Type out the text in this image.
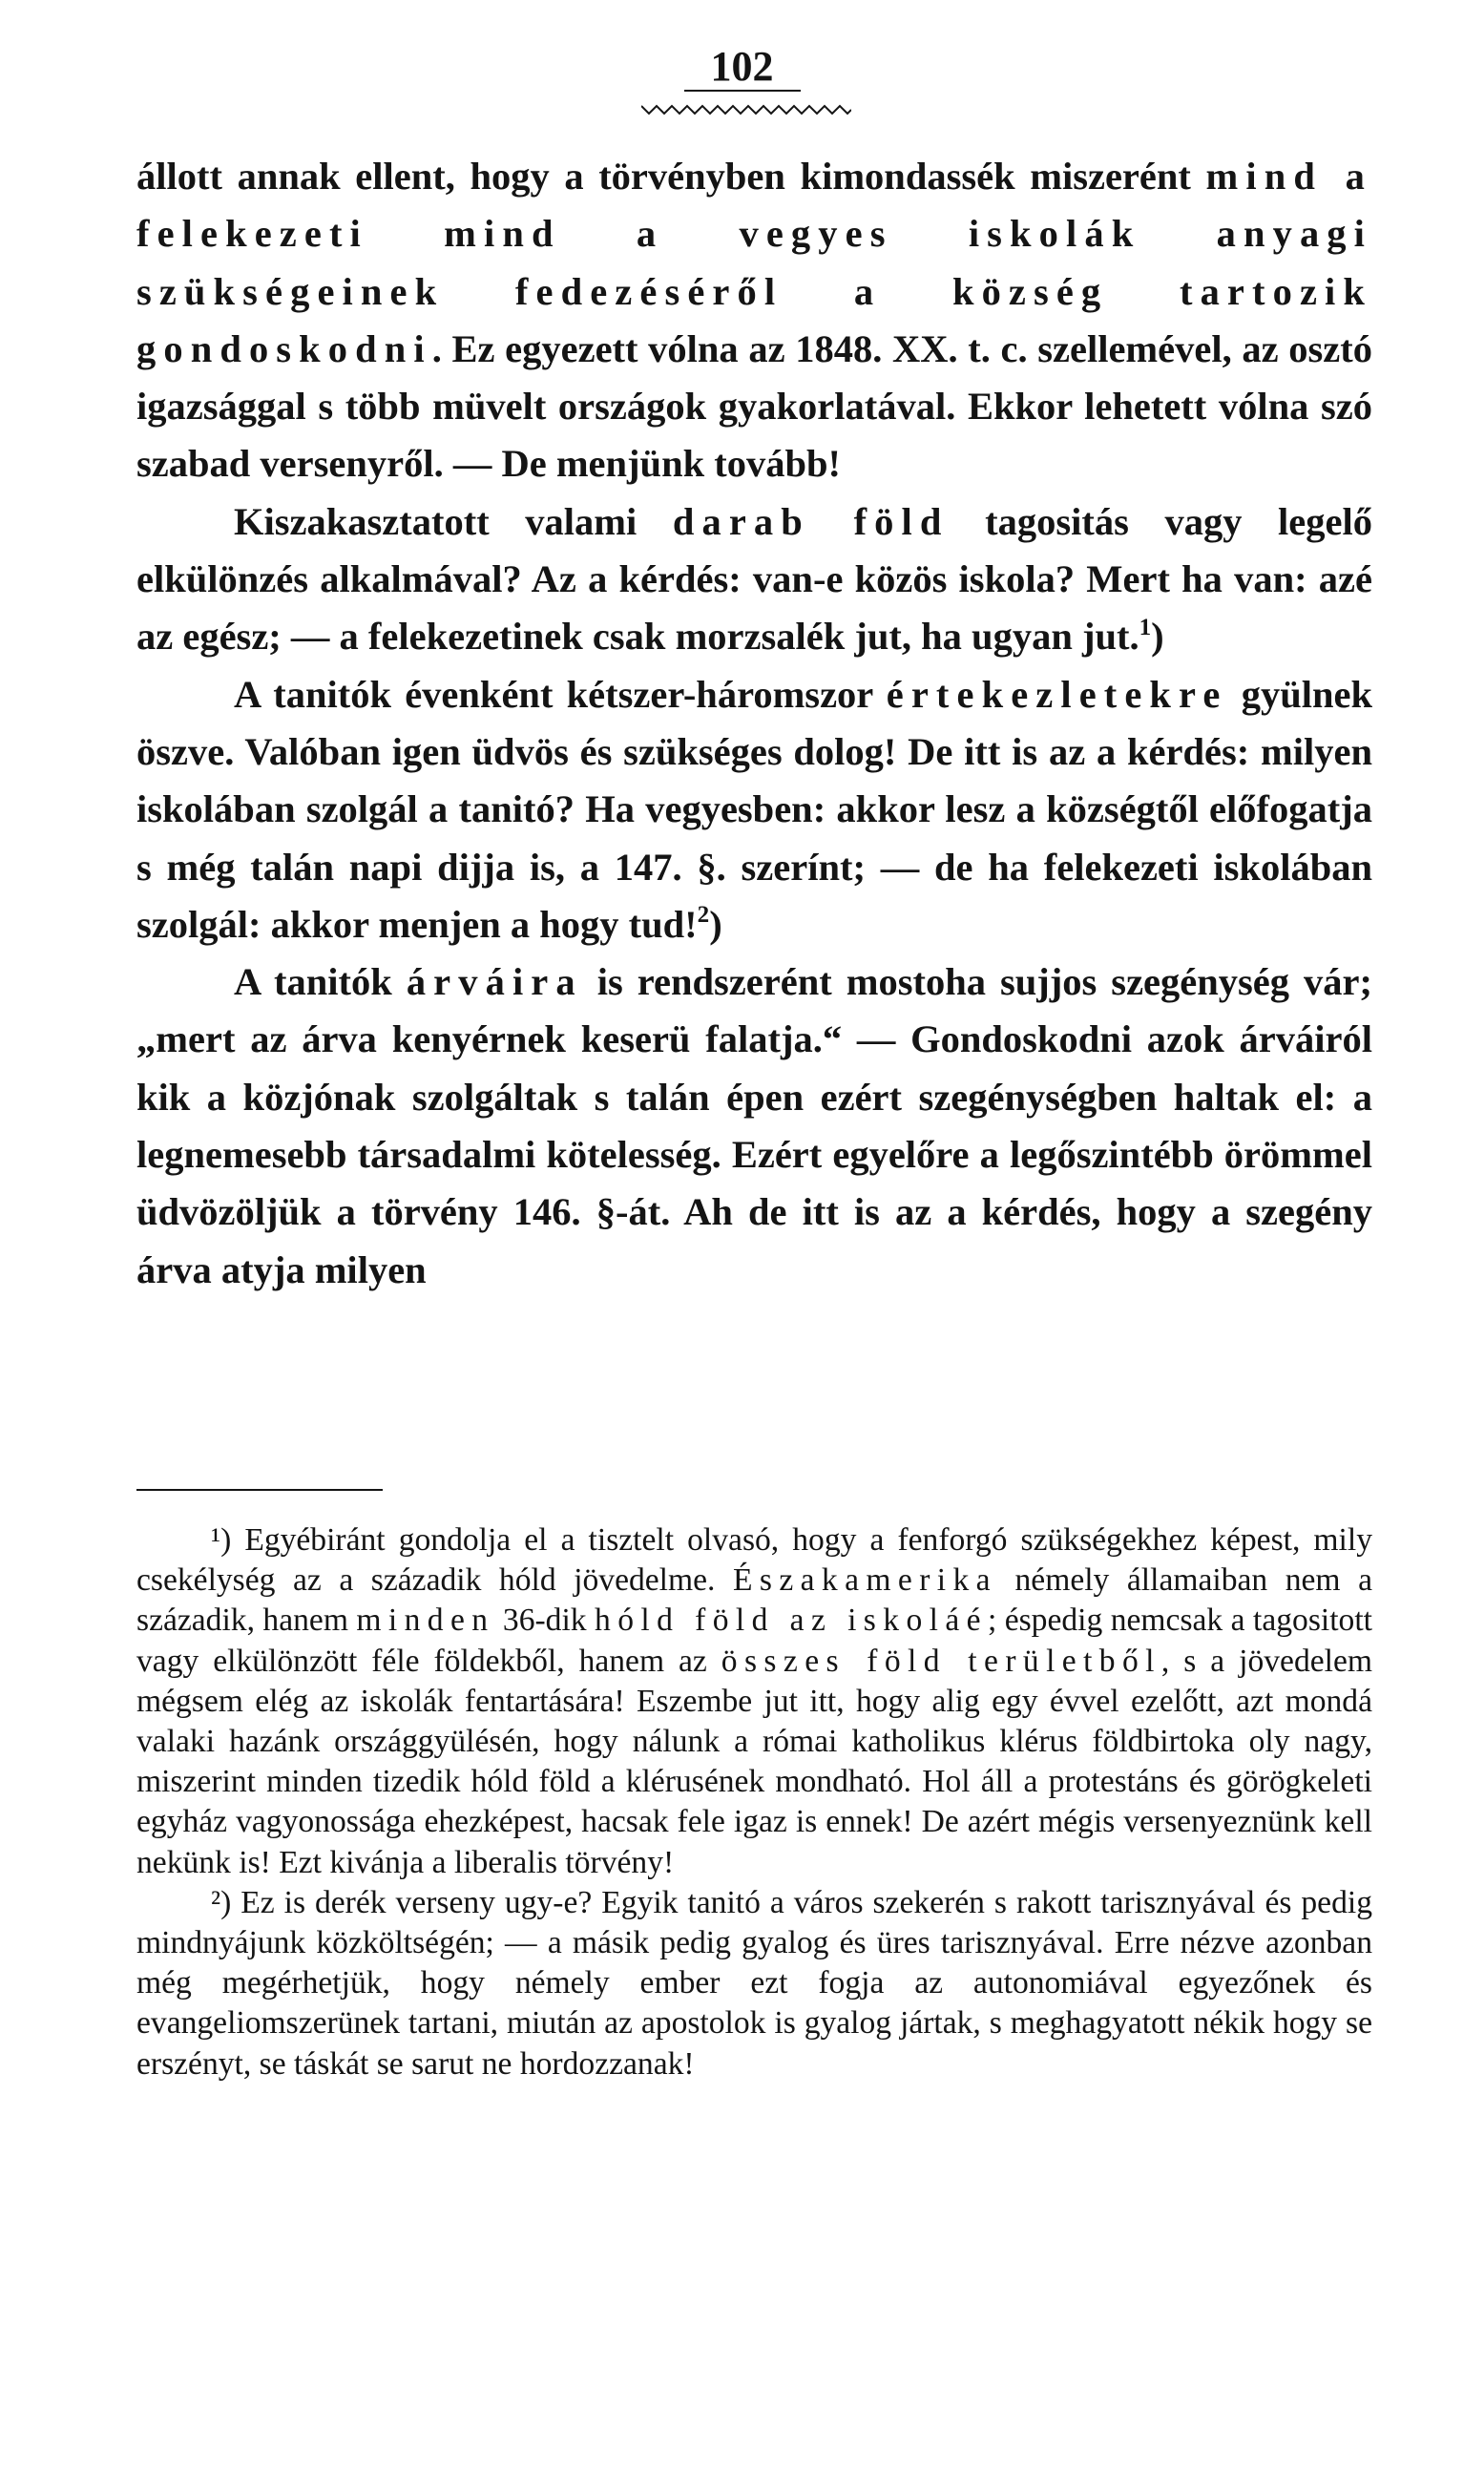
102

állott annak ellent, hogy a törvényben kimondassék miszerént mind a felekezeti mind a vegyes iskolák anyagi szükségeinek fedezéséről a község tartozik gondoskodni. Ez egyezett vólna az 1848. XX. t. c. szellemével, az osztó igazsággal s több müvelt országok gyakorlatával. Ekkor lehetett vólna szó szabad versenyről. — De menjünk tovább!

Kiszakasztatott valami darab föld tagositás vagy legelő elkülönzés alkalmával? Az a kérdés: van-e közös iskola? Mert ha van: azé az egész; — a felekezetinek csak morzsalék jut, ha ugyan jut.$^1$)

A tanitók évenként kétszer-háromszor értekezletekre gyülnek öszve. Valóban igen üdvös és szükséges dolog! De itt is az a kérdés: milyen iskolában szolgál a tanitó? Ha vegyesben: akkor lesz a községtől előfogatja s még talán napi dijja is, a 147. §. szerínt; — de ha felekezeti iskolában szolgál: akkor menjen a hogy tud!$^2$)

A tanitók árváira is rendszerént mostoha sujjos szegénység vár; „mert az árva kenyérnek keserü falatja.“ — Gondoskodni azok árváiról kik a közjónak szolgáltak s talán épen ezért szegénységben haltak el: a legnemesebb társadalmi kötelesség. Ezért egyelőre a legőszintébb örömmel üdvözöljük a törvény 146. §-át. Ah de itt is az a kérdés, hogy a szegény árva atyja milyen

¹) Egyébiránt gondolja el a tisztelt olvasó, hogy a fenforgó szükségekhez képest, mily csekélység az a századik hóld jövedelme. Északamerika némely államaiban nem a századik, hanem minden 36-dik hóld föld az iskoláé; éspedig nemcsak a tagositott vagy elkülönzött féle földekből, hanem az összes föld területből, s a jövedelem mégsem elég az iskolák fentartására! Eszembe jut itt, hogy alig egy évvel ezelőtt, azt mondá valaki hazánk országgyülésén, hogy nálunk a római katholikus klérus földbirtoka oly nagy, miszerint minden tizedik hóld föld a klérusének mondható. Hol áll a protestáns és görögkeleti egyház vagyonossága ehezképest, hacsak fele igaz is ennek! De azért mégis versenyeznünk kell nekünk is! Ezt kivánja a liberalis törvény!

²) Ez is derék verseny ugy-e? Egyik tanitó a város szekerén s rakott tarisznyával és pedig mindnyájunk közköltségén; — a másik pedig gyalog és üres tarisznyával. Erre nézve azonban még megérhetjük, hogy némely ember ezt fogja az autonomiával egyezőnek és evangeliomszerünek tartani, miután az apostolok is gyalog jártak, s meghagyatott nékik hogy se erszényt, se táskát se sarut ne hordozzanak!
